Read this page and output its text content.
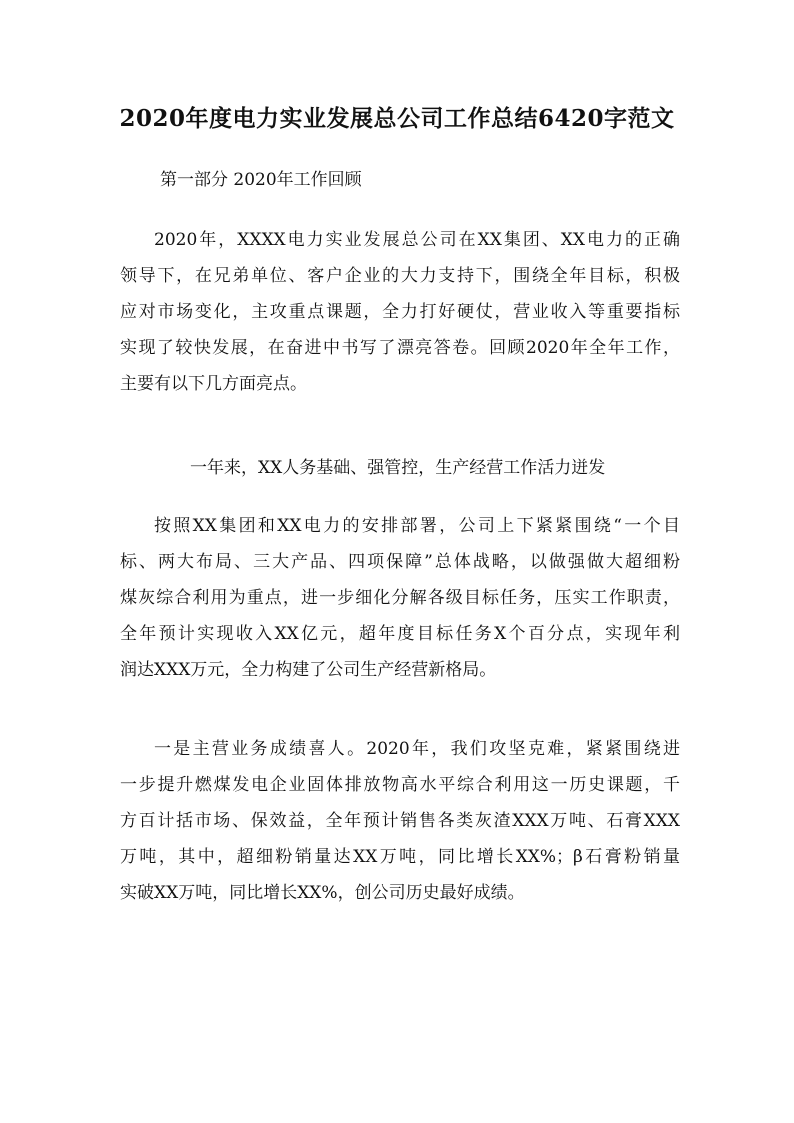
2020年度电力实业发展总公司工作总结6420字范文
第一部分 2020年工作回顾
2020年，XXXX电力实业发展总公司在XX集团、XX电力的正确
领导下，在兄弟单位、客户企业的大力支持下，围绕全年目标，积极
应对市场变化，主攻重点课题，全力打好硬仗，营业收入等重要指标
实现了较快发展，在奋进中书写了漂亮答卷。回顾2020年全年工作，
主要有以下几方面亮点。
一年来，XX人务基础、强管控，生产经营工作活力迸发
按照XX集团和XX电力的安排部署，公司上下紧紧围绕“一个目
标、两大布局、三大产品、四项保障”总体战略，以做强做大超细粉
煤灰综合利用为重点，进一步细化分解各级目标任务，压实工作职责，
全年预计实现收入XX亿元，超年度目标任务X个百分点，实现年利
润达XXX万元，全力构建了公司生产经营新格局。
一是主营业务成绩喜人。2020年，我们攻坚克难，紧紧围绕进
一步提升燃煤发电企业固体排放物高水平综合利用这一历史课题，千
方百计括市场、保效益，全年预计销售各类灰渣XXX万吨、石膏XXX
万吨，其中，超细粉销量达XX万吨，同比增长XX%；β石膏粉销量
实破XX万吨，同比增长XX%，创公司历史最好成绩。
